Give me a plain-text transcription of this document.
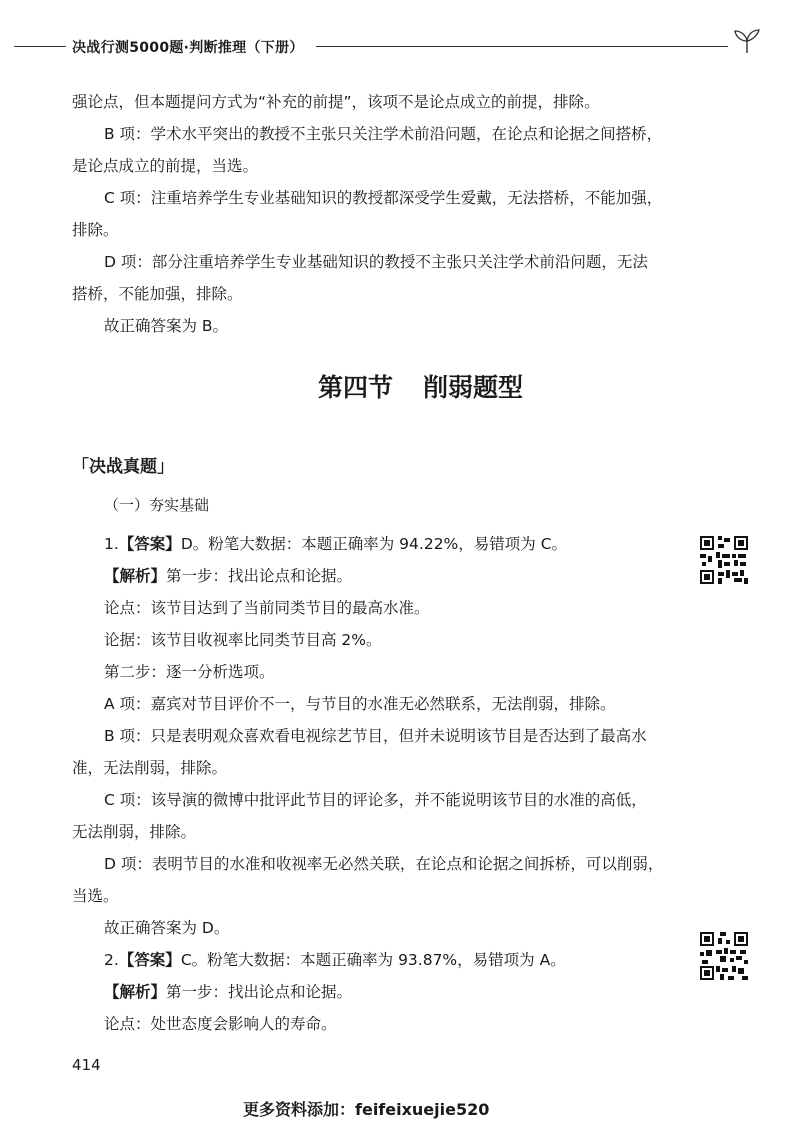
决战行测5000题·判断推理（下册）
强论点，但本题提问方式为“补充的前提”，该项不是论点成立的前提，排除。
B 项：学术水平突出的教授不主张只关注学术前沿问题，在论点和论据之间搭桥，
是论点成立的前提，当选。
C 项：注重培养学生专业基础知识的教授都深受学生爱戴，无法搭桥，不能加强，
排除。
D 项：部分注重培养学生专业基础知识的教授不主张只关注学术前沿问题，无法
搭桥，不能加强，排除。
故正确答案为 B。
第四节 削弱题型
「决战真题」
（一）夯实基础
1.【答案】D。粉笔大数据：本题正确率为 94.22%，易错项为 C。
【解析】第一步：找出论点和论据。
论点：该节目达到了当前同类节目的最高水准。
论据：该节目收视率比同类节目高 2%。
第二步：逐一分析选项。
A 项：嘉宾对节目评价不一，与节目的水准无必然联系，无法削弱，排除。
B 项：只是表明观众喜欢看电视综艺节目，但并未说明该节目是否达到了最高水
准，无法削弱，排除。
C 项：该导演的微博中批评此节目的评论多，并不能说明该节目的水准的高低，
无法削弱，排除。
D 项：表明节目的水准和收视率无必然关联，在论点和论据之间拆桥，可以削弱，
当选。
故正确答案为 D。
2.【答案】C。粉笔大数据：本题正确率为 93.87%，易错项为 A。
【解析】第一步：找出论点和论据。
论点：处世态度会影响人的寿命。
414
更多资料添加：feifeixuejie520
